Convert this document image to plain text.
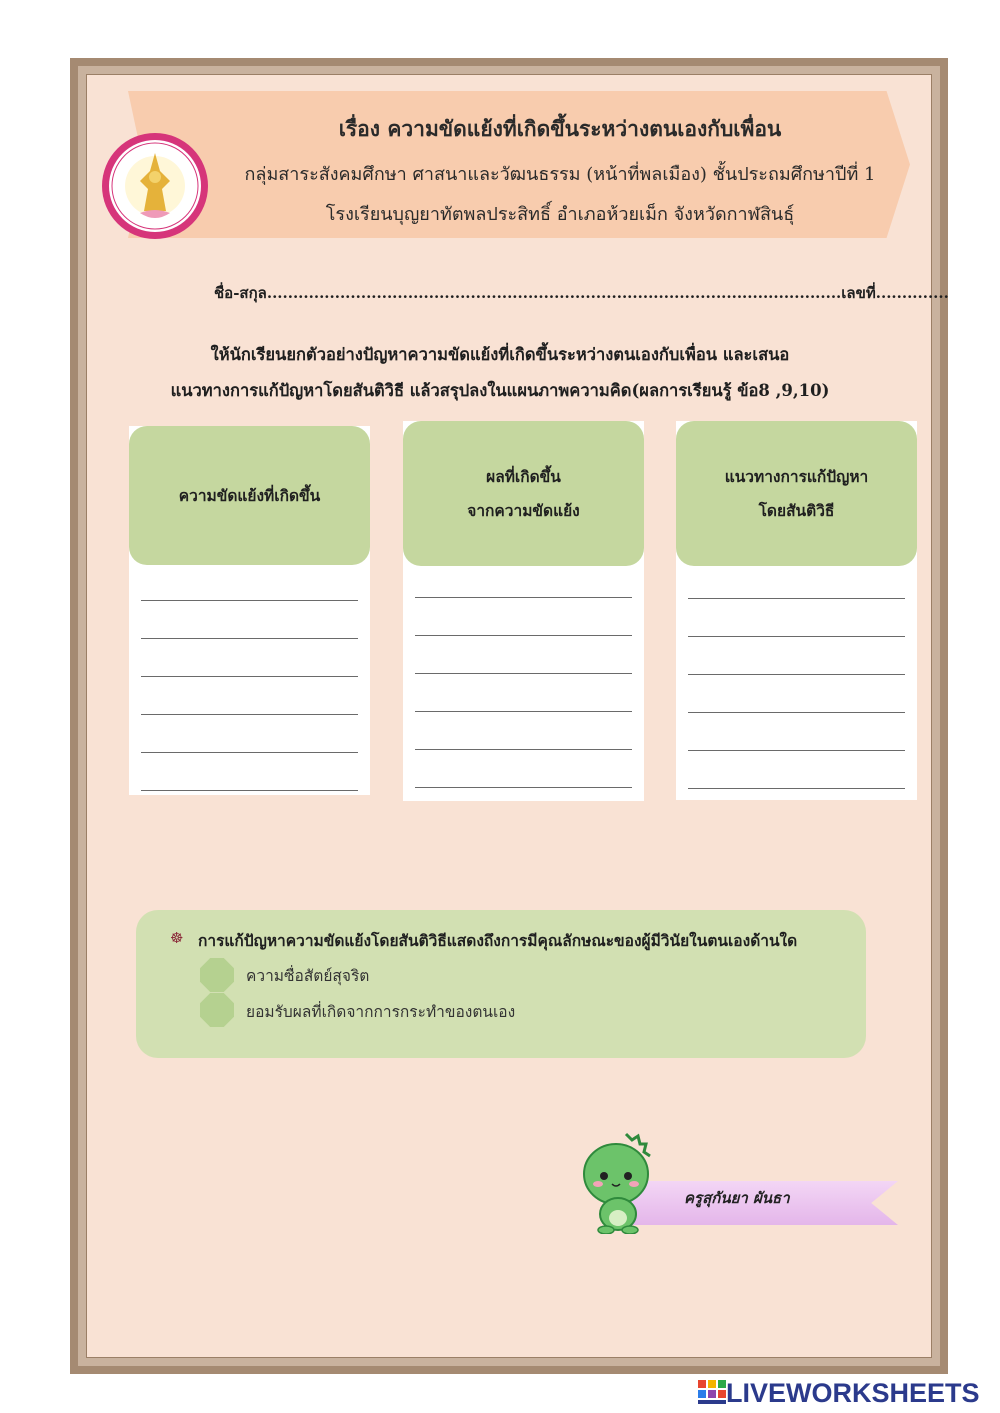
เรื่อง ความขัดแย้งที่เกิดขึ้นระหว่างตนเองกับเพื่อน
กลุ่มสาระสังคมศึกษา ศาสนาและวัฒนธรรม (หน้าที่พลเมือง) ชั้นประถมศึกษาปีที่ 1
โรงเรียนบุญยาทัตพลประสิทธิ์ อำเภอห้วยเม็ก จังหวัดกาฬสินธุ์
ชื่อ-สกุล..............................................................................................................เลขที่..............
ให้นักเรียนยกตัวอย่างปัญหาความขัดแย้งที่เกิดขึ้นระหว่างตนเองกับเพื่อน และเสนอ
แนวทางการแก้ปัญหาโดยสันติวิธี แล้วสรุปลงในแผนภาพความคิด(ผลการเรียนรู้ ข้อ8 ,9,10)
ความขัดแย้งที่เกิดขึ้น
ผลที่เกิดขึ้น
จากความขัดแย้ง
แนวทางการแก้ปัญหา
โดยสันติวิธี
☸ การแก้ปัญหาความขัดแย้งโดยสันติวิธีแสดงถึงการมีคุณลักษณะของผู้มีวินัยในตนเองด้านใด
ความซื่อสัตย์สุจริต
ยอมรับผลที่เกิดจากการกระทำของตนเอง
ครูสุกันยา ผันธา
LIVEWORKSHEETS
